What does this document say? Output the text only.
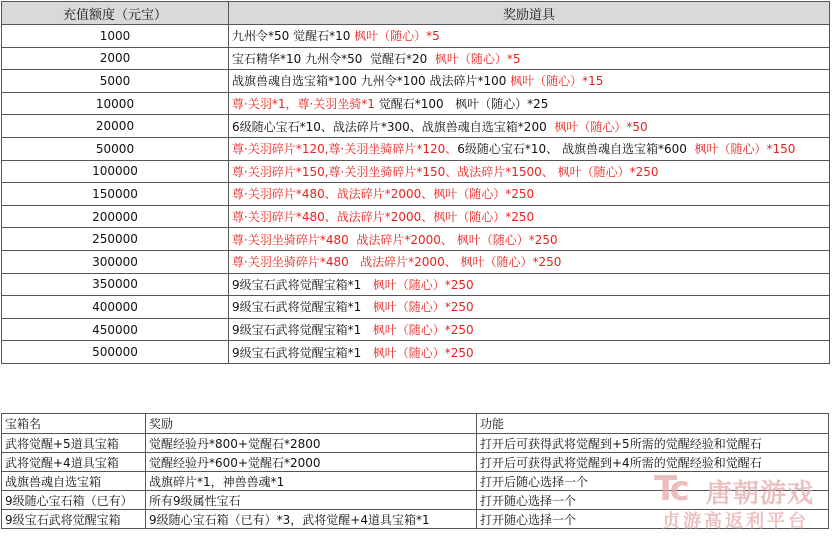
充值额度（元宝）	奖励道具
1000	九州令*50 觉醒石*10 枫叶（随心）*5
2000	宝石精华*10 九州令*50  觉醒石*20  枫叶（随心）*5
5000	战旗兽魂自选宝箱*100 九州令*100 战法碎片*100 枫叶（随心）*15
10000	尊·关羽*1，尊·关羽坐骑*1 觉醒石*100   枫叶（随心）*25
20000	6级随心宝石*10、战法碎片*300、战旗兽魂自选宝箱*200  枫叶（随心）*50
50000	尊·关羽碎片*120,尊·关羽坐骑碎片*120、6级随心宝石*10、 战旗兽魂自选宝箱*600  枫叶（随心）*150
100000	尊·关羽碎片*150,尊·关羽坐骑碎片*150、战法碎片*1500、 枫叶（随心）*250
150000	尊·关羽碎片*480、战法碎片*2000、枫叶（随心）*250
200000	尊·关羽碎片*480、战法碎片*2000、枫叶（随心）*250
250000	尊·关羽坐骑碎片*480  战法碎片*2000、 枫叶（随心）*250
300000	尊·关羽坐骑碎片*480   战法碎片*2000、 枫叶（随心）*250
350000	9级宝石武将觉醒宝箱*1   枫叶（随心）*250
400000	9级宝石武将觉醒宝箱*1   枫叶（随心）*250
450000	9级宝石武将觉醒宝箱*1   枫叶（随心）*250
500000	9级宝石武将觉醒宝箱*1   枫叶（随心）*250
宝箱名	奖励	功能
武将觉醒+5道具宝箱	觉醒经验丹*800+觉醒石*2800	打开后可获得武将觉醒到+5所需的觉醒经验和觉醒石
武将觉醒+4道具宝箱	觉醒经验丹*600+觉醒石*2000	打开后可获得武将觉醒到+4所需的觉醒经验和觉醒石
战旗兽魂自选宝箱	战旗碎片*1，神兽兽魂*1	打开后随心选择一个
9级随心宝石箱（已有）	所有9级属性宝石	打开随心选择一个
9级宝石武将觉醒宝箱	9级随心宝石箱（已有）*3，武将觉醒+4道具宝箱*1	打开随心选择一个
Tc 唐朝游戏
贞游高返利平台
